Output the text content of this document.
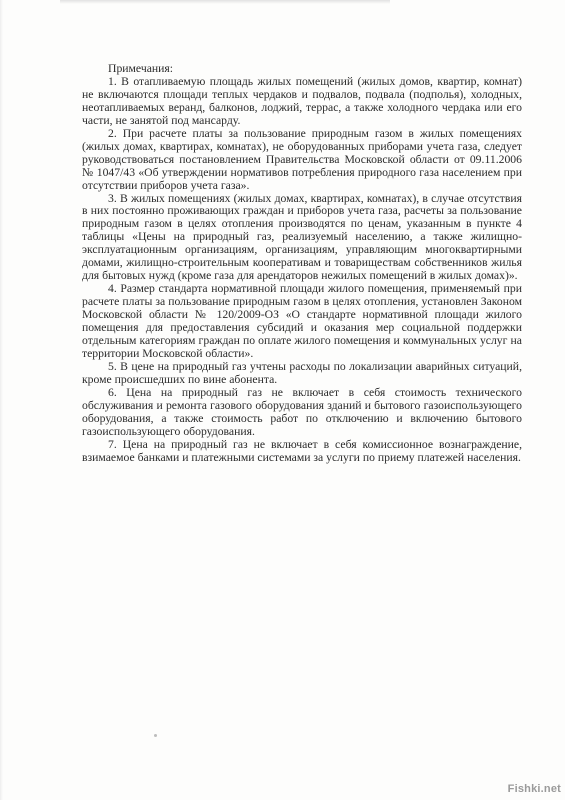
Примечания:

1. В отапливаемую площадь жилых помещений (жилых домов, квартир, комнат) не включаются площади теплых чердаков и подвалов, подвала (подполья), холодных, неотапливаемых веранд, балконов, лоджий, террас, а также холодного чердака или его части, не занятой под мансарду.

2. При расчете платы за пользование природным газом в жилых помещениях (жилых домах, квартирах, комнатах), не оборудованных приборами учета газа, следует руководствоваться постановлением Правительства Московской области от 09.11.2006 № 1047/43 «Об утверждении нормативов потребления природного газа населением при отсутствии приборов учета газа».

3. В жилых помещениях (жилых домах, квартирах, комнатах), в случае отсутствия в них постоянно проживающих граждан и приборов учета газа, расчеты за пользование природным газом в целях отопления производятся по ценам, указанным в пункте 4 таблицы «Цены на природный газ, реализуемый населению, а также жилищно-эксплуатационным организациям, организациям, управляющим многоквартирными домами, жилищно-строительным кооперативам и товариществам собственников жилья для бытовых нужд (кроме газа для арендаторов нежилых помещений в жилых домах)».

4. Размер стандарта нормативной площади жилого помещения, применяемый при расчете платы за пользование природным газом в целях отопления, установлен Законом Московской области № 120/2009-ОЗ «О стандарте нормативной площади жилого помещения для предоставления субсидий и оказания мер социальной поддержки отдельным категориям граждан по оплате жилого помещения и коммунальных услуг на территории Московской области».

5. В цене на природный газ учтены расходы по локализации аварийных ситуаций, кроме происшедших по вине абонента.

6. Цена на природный газ не включает в себя стоимость технического обслуживания и ремонта газового оборудования зданий и бытового газоиспользующего оборудования, а также стоимость работ по отключению и включению бытового газоиспользующего оборудования.

7. Цена на природный газ не включает в себя комиссионное вознаграждение, взимаемое банками и платежными системами за услуги по приему платежей населения.

Fishki.net
